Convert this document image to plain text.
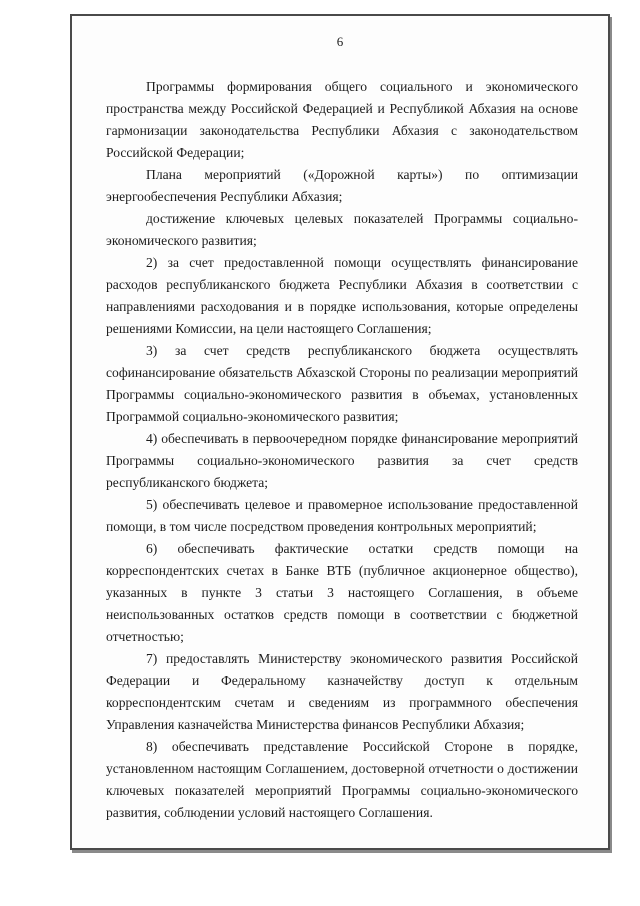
6

Программы формирования общего социального и экономического пространства между Российской Федерацией и Республикой Абхазия на основе гармонизации законодательства Республики Абхазия с законодательством Российской Федерации;

Плана мероприятий («Дорожной карты») по оптимизации энергообеспечения Республики Абхазия;

достижение ключевых целевых показателей Программы социально-экономического развития;

2) за счет предоставленной помощи осуществлять финансирование расходов республиканского бюджета Республики Абхазия в соответствии с направлениями расходования и в порядке использования, которые определены решениями Комиссии, на цели настоящего Соглашения;

3) за счет средств республиканского бюджета осуществлять софинансирование обязательств Абхазской Стороны по реализации мероприятий Программы социально-экономического развития в объемах, установленных Программой социально-экономического развития;

4) обеспечивать в первоочередном порядке финансирование мероприятий Программы социально-экономического развития за счет средств республиканского бюджета;

5) обеспечивать целевое и правомерное использование предоставленной помощи, в том числе посредством проведения контрольных мероприятий;

6) обеспечивать фактические остатки средств помощи на корреспондентских счетах в Банке ВТБ (публичное акционерное общество), указанных в пункте 3 статьи 3 настоящего Соглашения, в объеме неиспользованных остатков средств помощи в соответствии с бюджетной отчетностью;

7) предоставлять Министерству экономического развития Российской Федерации и Федеральному казначейству доступ к отдельным корреспондентским счетам и сведениям из программного обеспечения Управления казначейства Министерства финансов Республики Абхазия;

8) обеспечивать представление Российской Стороне в порядке, установленном настоящим Соглашением, достоверной отчетности о достижении ключевых показателей мероприятий Программы социально-экономического развития, соблюдении условий настоящего Соглашения.
